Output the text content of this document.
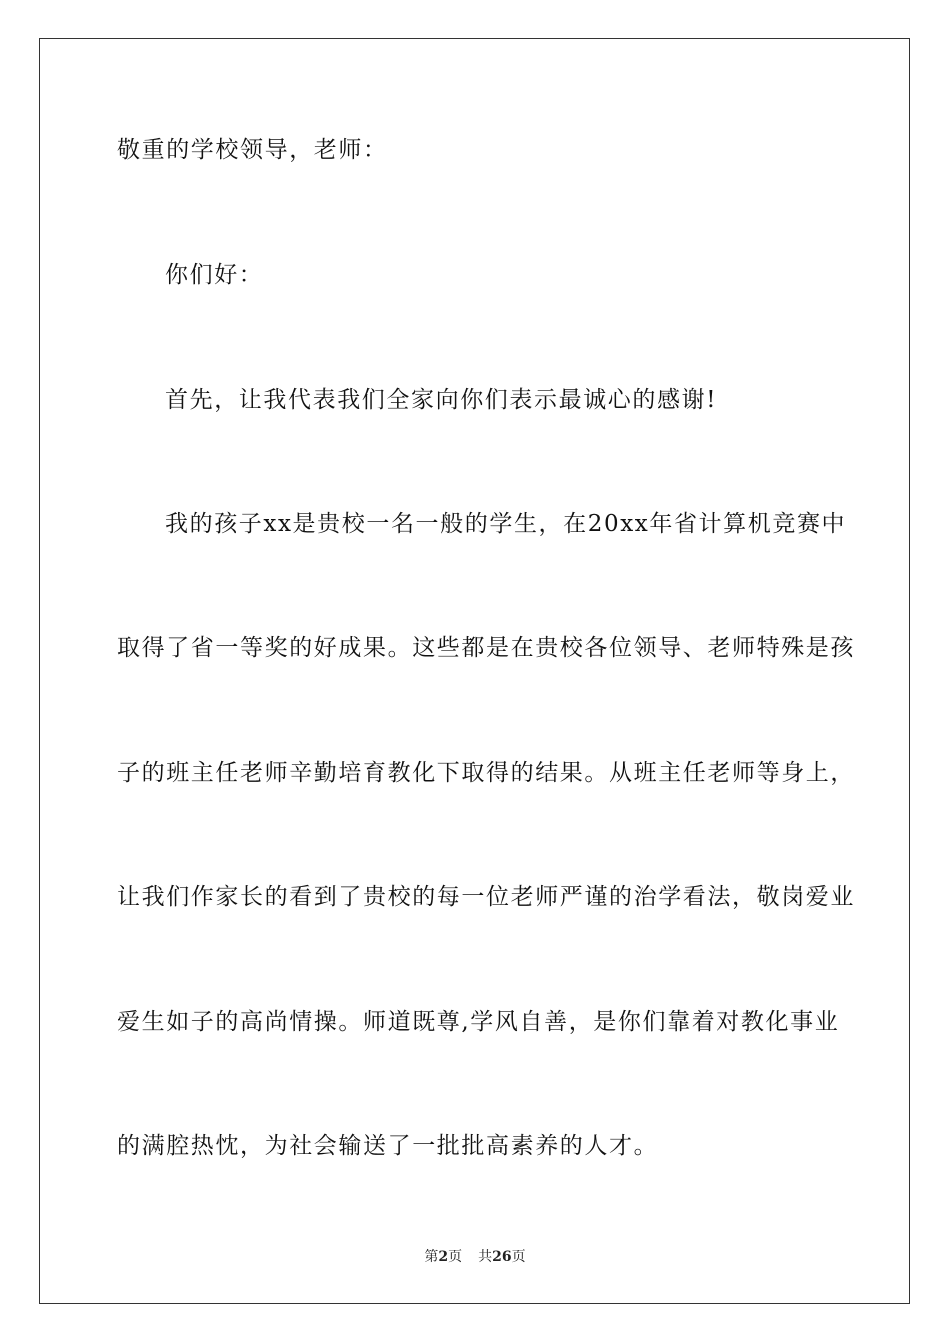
敬重的学校领导，老师：
你们好：
首先，让我代表我们全家向你们表示最诚心的感谢!
我的孩子xx是贵校一名一般的学生，在20xx年省计算机竞赛中
取得了省一等奖的好成果。这些都是在贵校各位领导、老师特殊是孩
子的班主任老师辛勤培育教化下取得的结果。从班主任老师等身上，
让我们作家长的看到了贵校的每一位老师严谨的治学看法，敬岗爱业
爱生如子的高尚情操。师道既尊,学风自善，是你们靠着对教化事业
的满腔热忱，为社会输送了一批批高素养的人才。
第2页 共26页
